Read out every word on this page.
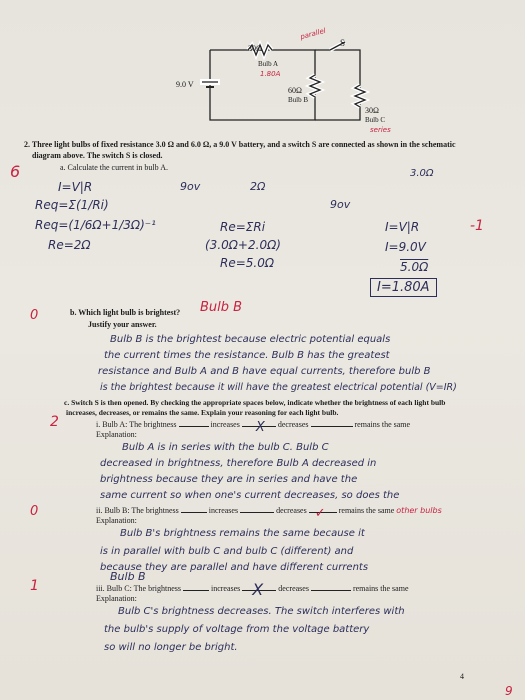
30Ω
Bulb A
1.80A
parallel
S
60Ω
Bulb B
30Ω
Bulb C
series
9.0 V
2. Three light bulbs of fixed resistance 3.0 Ω and 6.0 Ω, a 9.0 V battery, and a switch S are connected as shown in the schematic
diagram above. The switch S is closed.
a. Calculate the current in bulb A.
6
I=V|R	9ov	2Ω
9ov
3.0Ω
Req=Σ(1/Ri)
Req=(1/6Ω+1/3Ω)⁻¹
Re=2Ω
Re=ΣRi
(3.0Ω+2.0Ω)
Re=5.0Ω
I=V|R
I=9.0V
5.0Ω
I=1.80A
-1
0	b. Which light bulb is brightest? Bulb B
Justify your answer.
Bulb B is the brightest because electric potential equals
the current times the resistance. Bulb B has the greatest
resistance and Bulb A and B have equal currents, therefore bulb B
is the brightest because it will have the greatest electrical potential (V=IR)
c. Switch S is then opened. By checking the appropriate spaces below, indicate whether the brightness of each light bulb
increases, decreases, or remains the same. Explain your reasoning for each light bulb.
2	i. Bulb A: The brightness	increases X decreases	remains the same
Explanation:
Bulb A is in series with the bulb C. Bulb C
decreased in brightness, therefore Bulb A decreased in
brightness because they are in series and have the
same current so when one's current decreases, so does the
0	ii. Bulb B: The brightness	increases	decreases ✓ remains the same other bulbs
Explanation:
Bulb B's brightness remains the same because it
is in parallel with bulb C and bulb C (different) and
because they are parallel and have different currents
1
Bulb B
iii. Bulb C: The brightness	increases X decreases	remains the same
Explanation:
Bulb C's brightness decreases. The switch interferes with
the bulb's supply of voltage from the voltage battery
so will no longer be bright.
4
9
